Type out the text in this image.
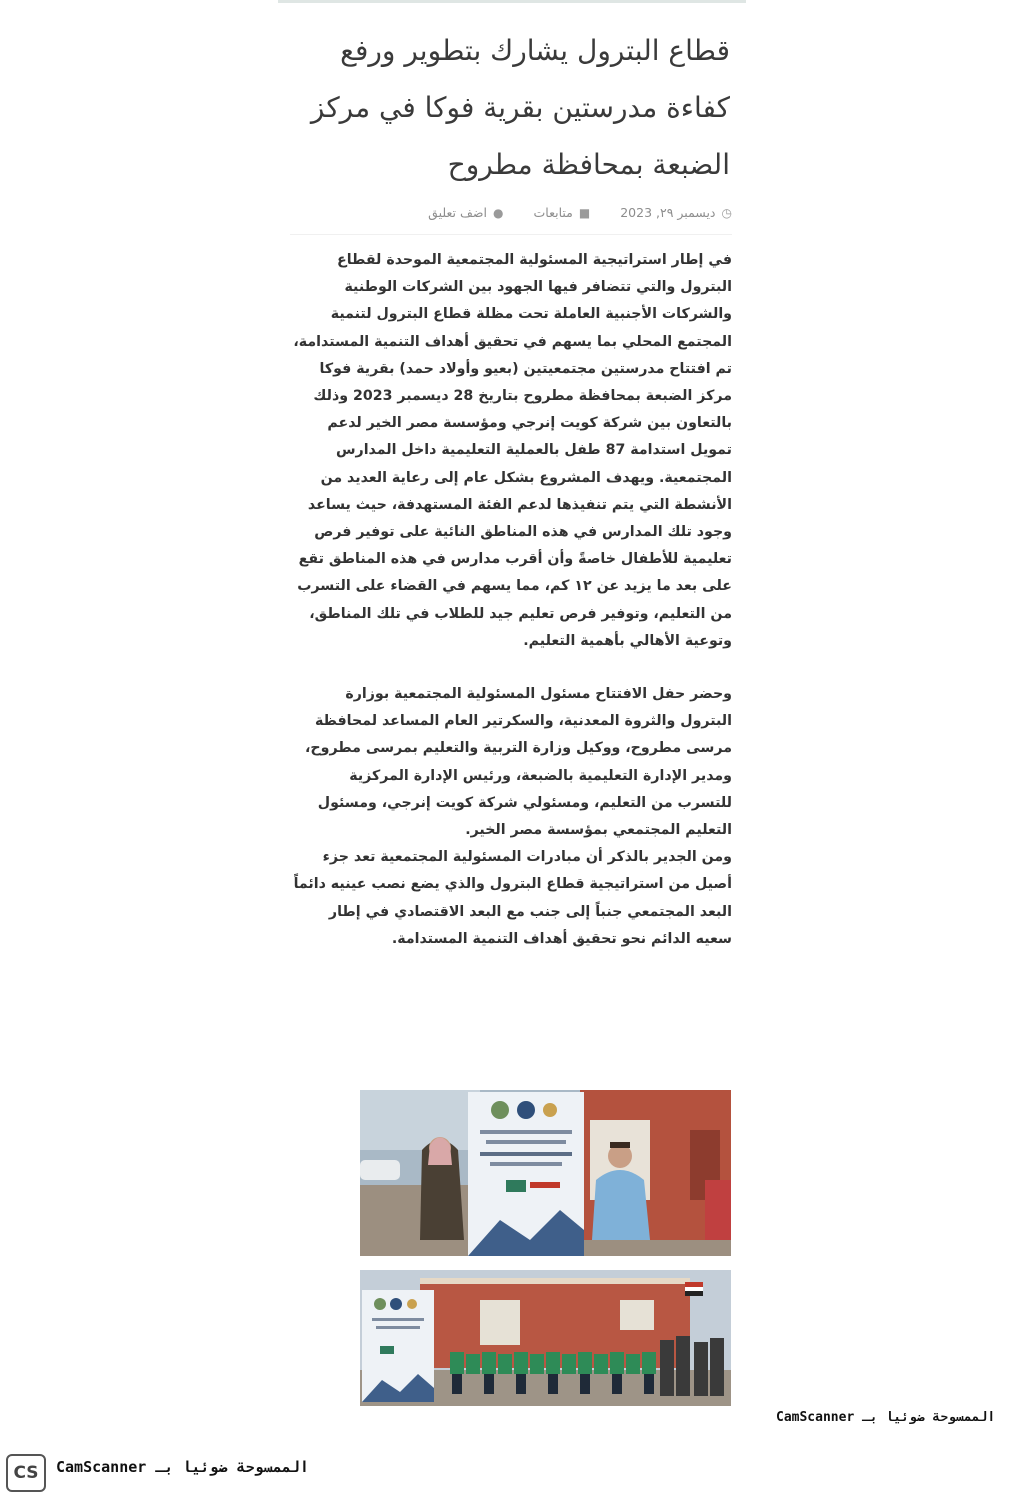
قطاع البترول يشارك بتطوير ورفع كفاءة مدرستين بقرية فوكا في مركز الضبعة بمحافظة مطروح
◷
ديسمبر ٢٩, 2023
■
متابعات
●
اضف تعليق

في إطار استراتيجية المسئولية المجتمعية الموحدة لقطاع البترول والتي تتضافر فيها الجهود بين الشركات الوطنية والشركات الأجنبية العاملة تحت مظلة قطاع البترول لتنمية المجتمع المحلي بما يسهم في تحقيق أهداف التنمية المستدامة، تم افتتاح مدرستين مجتمعيتين (بعيو وأولاد حمد) بقرية فوكا مركز الضبعة بمحافظة مطروح بتاريخ 28 ديسمبر 2023 وذلك بالتعاون بين شركة كويت إنرجي ومؤسسة مصر الخير لدعم تمويل استدامة 87 طفل بالعملية التعليمية داخل المدارس المجتمعية. ويهدف المشروع بشكل عام إلى رعاية العديد من الأنشطة التي يتم تنفيذها لدعم الفئة المستهدفة، حيث يساعد وجود تلك المدارس في هذه المناطق النائية على توفير فرص تعليمية للأطفال خاصةً وأن أقرب مدارس في هذه المناطق تقع على بعد ما يزيد عن ١٢ كم، مما يسهم في القضاء على التسرب من التعليم، وتوفير فرص تعليم جيد للطلاب في تلك المناطق، وتوعية الأهالي بأهمية التعليم.

وحضر حفل الافتتاح مسئول المسئولية المجتمعية بوزارة البترول والثروة المعدنية، والسكرتير العام المساعد لمحافظة مرسى مطروح، ووكيل وزارة التربية والتعليم بمرسى مطروح، ومدير الإدارة التعليمية بالضبعة، ورئيس الإدارة المركزية للتسرب من التعليم، ومسئولي شركة كويت إنرجي، ومسئول التعليم المجتمعي بمؤسسة مصر الخير.

ومن الجدير بالذكر أن مبادرات المسئولية المجتمعية تعد جزء أصيل من استراتيجية قطاع البترول والذي يضع نصب عينيه دائماً البعد المجتمعي جنباً إلى جنب مع البعد الاقتصادي في إطار سعيه الدائم نحو تحقيق أهداف التنمية المستدامة.

الممسوحة ضوئيا بـ CamScanner
CS	الممسوحة ضوئيا بـ CamScanner
